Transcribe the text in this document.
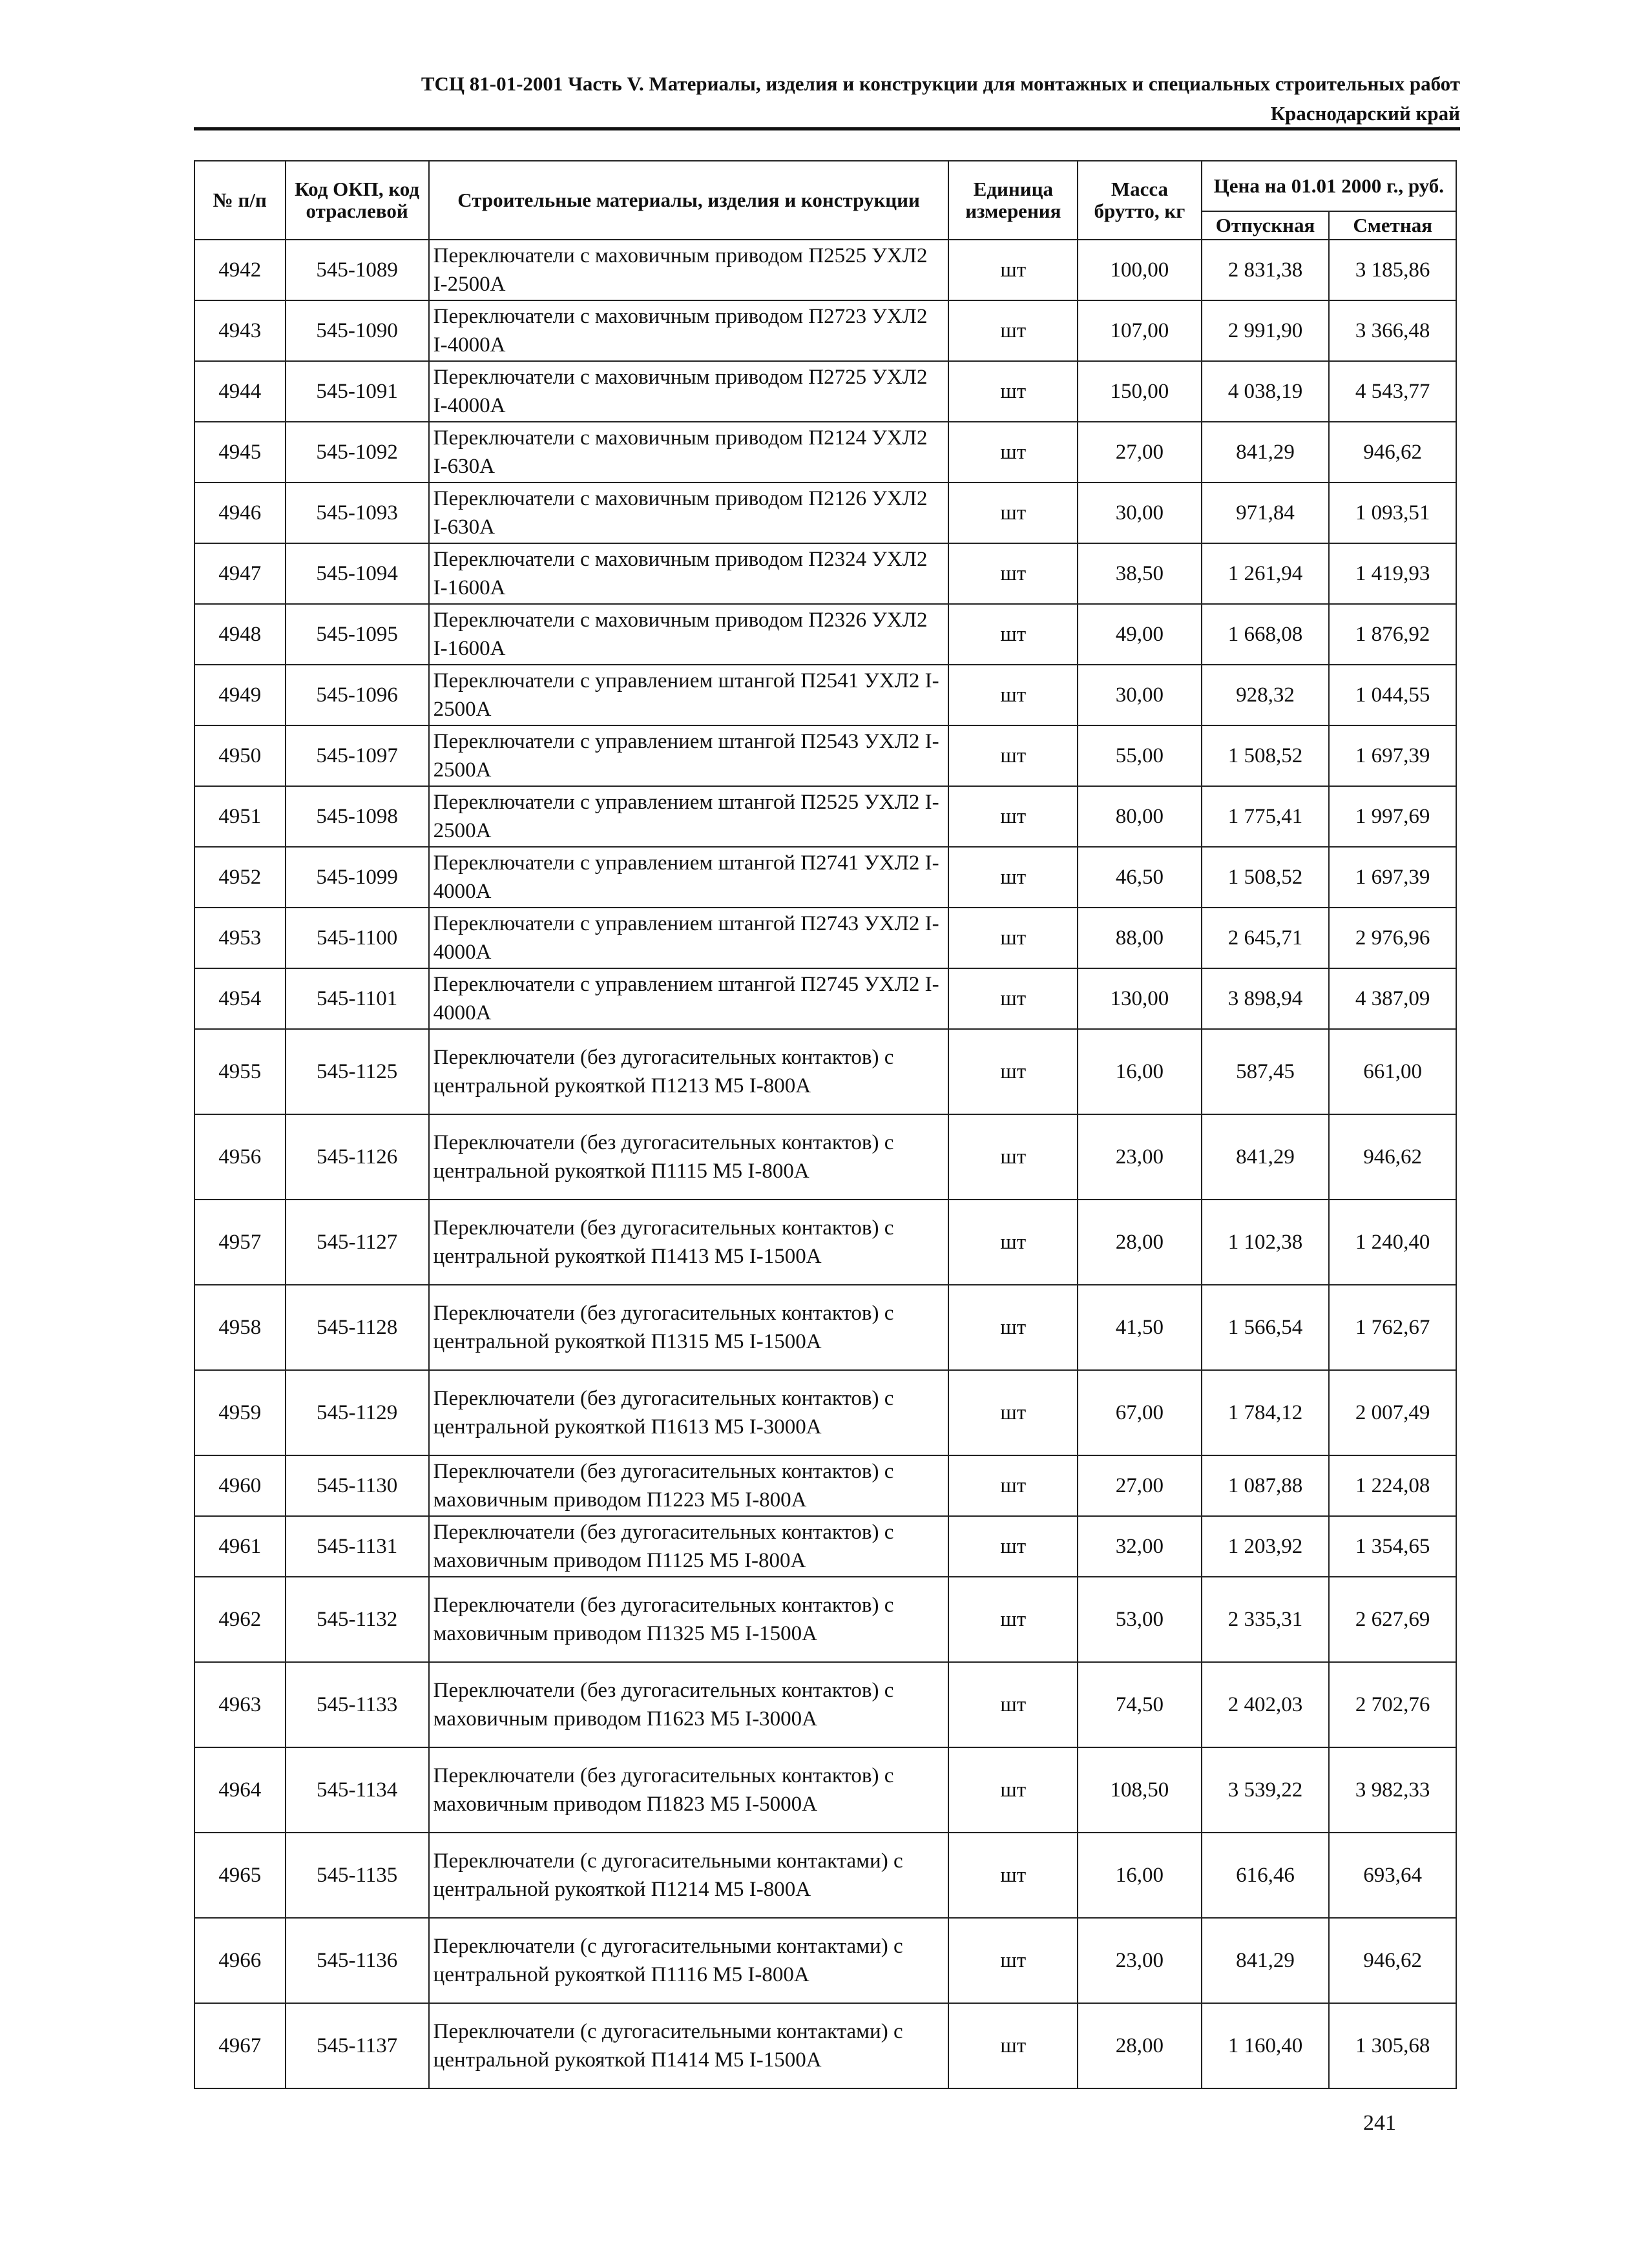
ТСЦ 81-01-2001 Часть V. Материалы, изделия и конструкции для монтажных и специальных строительных работ
Краснодарский край
№ п/п	Код ОКП, код отраслевой	Строительные материалы, изделия и конструкции	Единица измерения	Масса брутто, кг	Цена на 01.01 2000 г., руб.	
					Отпускная	Сметная
4942	545-1089	Переключатели с маховичным приводом П2525 УХЛ2 I-2500А	шт	100,00	2 831,38	3 185,86
4943	545-1090	Переключатели с маховичным приводом П2723 УХЛ2 I-4000А	шт	107,00	2 991,90	3 366,48
4944	545-1091	Переключатели с маховичным приводом П2725 УХЛ2 I-4000А	шт	150,00	4 038,19	4 543,77
4945	545-1092	Переключатели с маховичным приводом П2124 УХЛ2 I-630А	шт	27,00	841,29	946,62
4946	545-1093	Переключатели с маховичным приводом П2126 УХЛ2 I-630А	шт	30,00	971,84	1 093,51
4947	545-1094	Переключатели с маховичным приводом П2324 УХЛ2 I-1600А	шт	38,50	1 261,94	1 419,93
4948	545-1095	Переключатели с маховичным приводом П2326 УХЛ2 I-1600А	шт	49,00	1 668,08	1 876,92
4949	545-1096	Переключатели с управлением штангой П2541 УХЛ2 I-2500А	шт	30,00	928,32	1 044,55
4950	545-1097	Переключатели с управлением штангой П2543 УХЛ2 I-2500А	шт	55,00	1 508,52	1 697,39
4951	545-1098	Переключатели с управлением штангой П2525 УХЛ2 I-2500А	шт	80,00	1 775,41	1 997,69
4952	545-1099	Переключатели с управлением штангой П2741 УХЛ2 I-4000А	шт	46,50	1 508,52	1 697,39
4953	545-1100	Переключатели с управлением штангой П2743 УХЛ2 I-4000А	шт	88,00	2 645,71	2 976,96
4954	545-1101	Переключатели с управлением штангой П2745 УХЛ2 I-4000А	шт	130,00	3 898,94	4 387,09
4955	545-1125	Переключатели (без дугогасительных контактов) с центральной рукояткой П1213 М5 I-800А	шт	16,00	587,45	661,00
4956	545-1126	Переключатели (без дугогасительных контактов) с центральной рукояткой П1115 М5 I-800А	шт	23,00	841,29	946,62
4957	545-1127	Переключатели (без дугогасительных контактов) с центральной рукояткой П1413 М5 I-1500А	шт	28,00	1 102,38	1 240,40
4958	545-1128	Переключатели (без дугогасительных контактов) с центральной рукояткой П1315 М5 I-1500А	шт	41,50	1 566,54	1 762,67
4959	545-1129	Переключатели (без дугогасительных контактов) с центральной рукояткой П1613 М5 I-3000А	шт	67,00	1 784,12	2 007,49
4960	545-1130	Переключатели (без дугогасительных контактов) с маховичным приводом П1223 М5 I-800А	шт	27,00	1 087,88	1 224,08
4961	545-1131	Переключатели (без дугогасительных контактов) с маховичным приводом П1125 М5 I-800А	шт	32,00	1 203,92	1 354,65
4962	545-1132	Переключатели (без дугогасительных контактов) с маховичным приводом П1325 М5 I-1500А	шт	53,00	2 335,31	2 627,69
4963	545-1133	Переключатели (без дугогасительных контактов) с маховичным приводом П1623 М5 I-3000А	шт	74,50	2 402,03	2 702,76
4964	545-1134	Переключатели (без дугогасительных контактов) с маховичным приводом П1823 М5 I-5000А	шт	108,50	3 539,22	3 982,33
4965	545-1135	Переключатели (с дугогасительными контактами) с центральной рукояткой П1214 М5 I-800А	шт	16,00	616,46	693,64
4966	545-1136	Переключатели (с дугогасительными контактами) с центральной рукояткой П1116 М5 I-800А	шт	23,00	841,29	946,62
4967	545-1137	Переключатели (с дугогасительными контактами) с центральной рукояткой П1414 М5 I-1500А	шт	28,00	1 160,40	1 305,68
241
